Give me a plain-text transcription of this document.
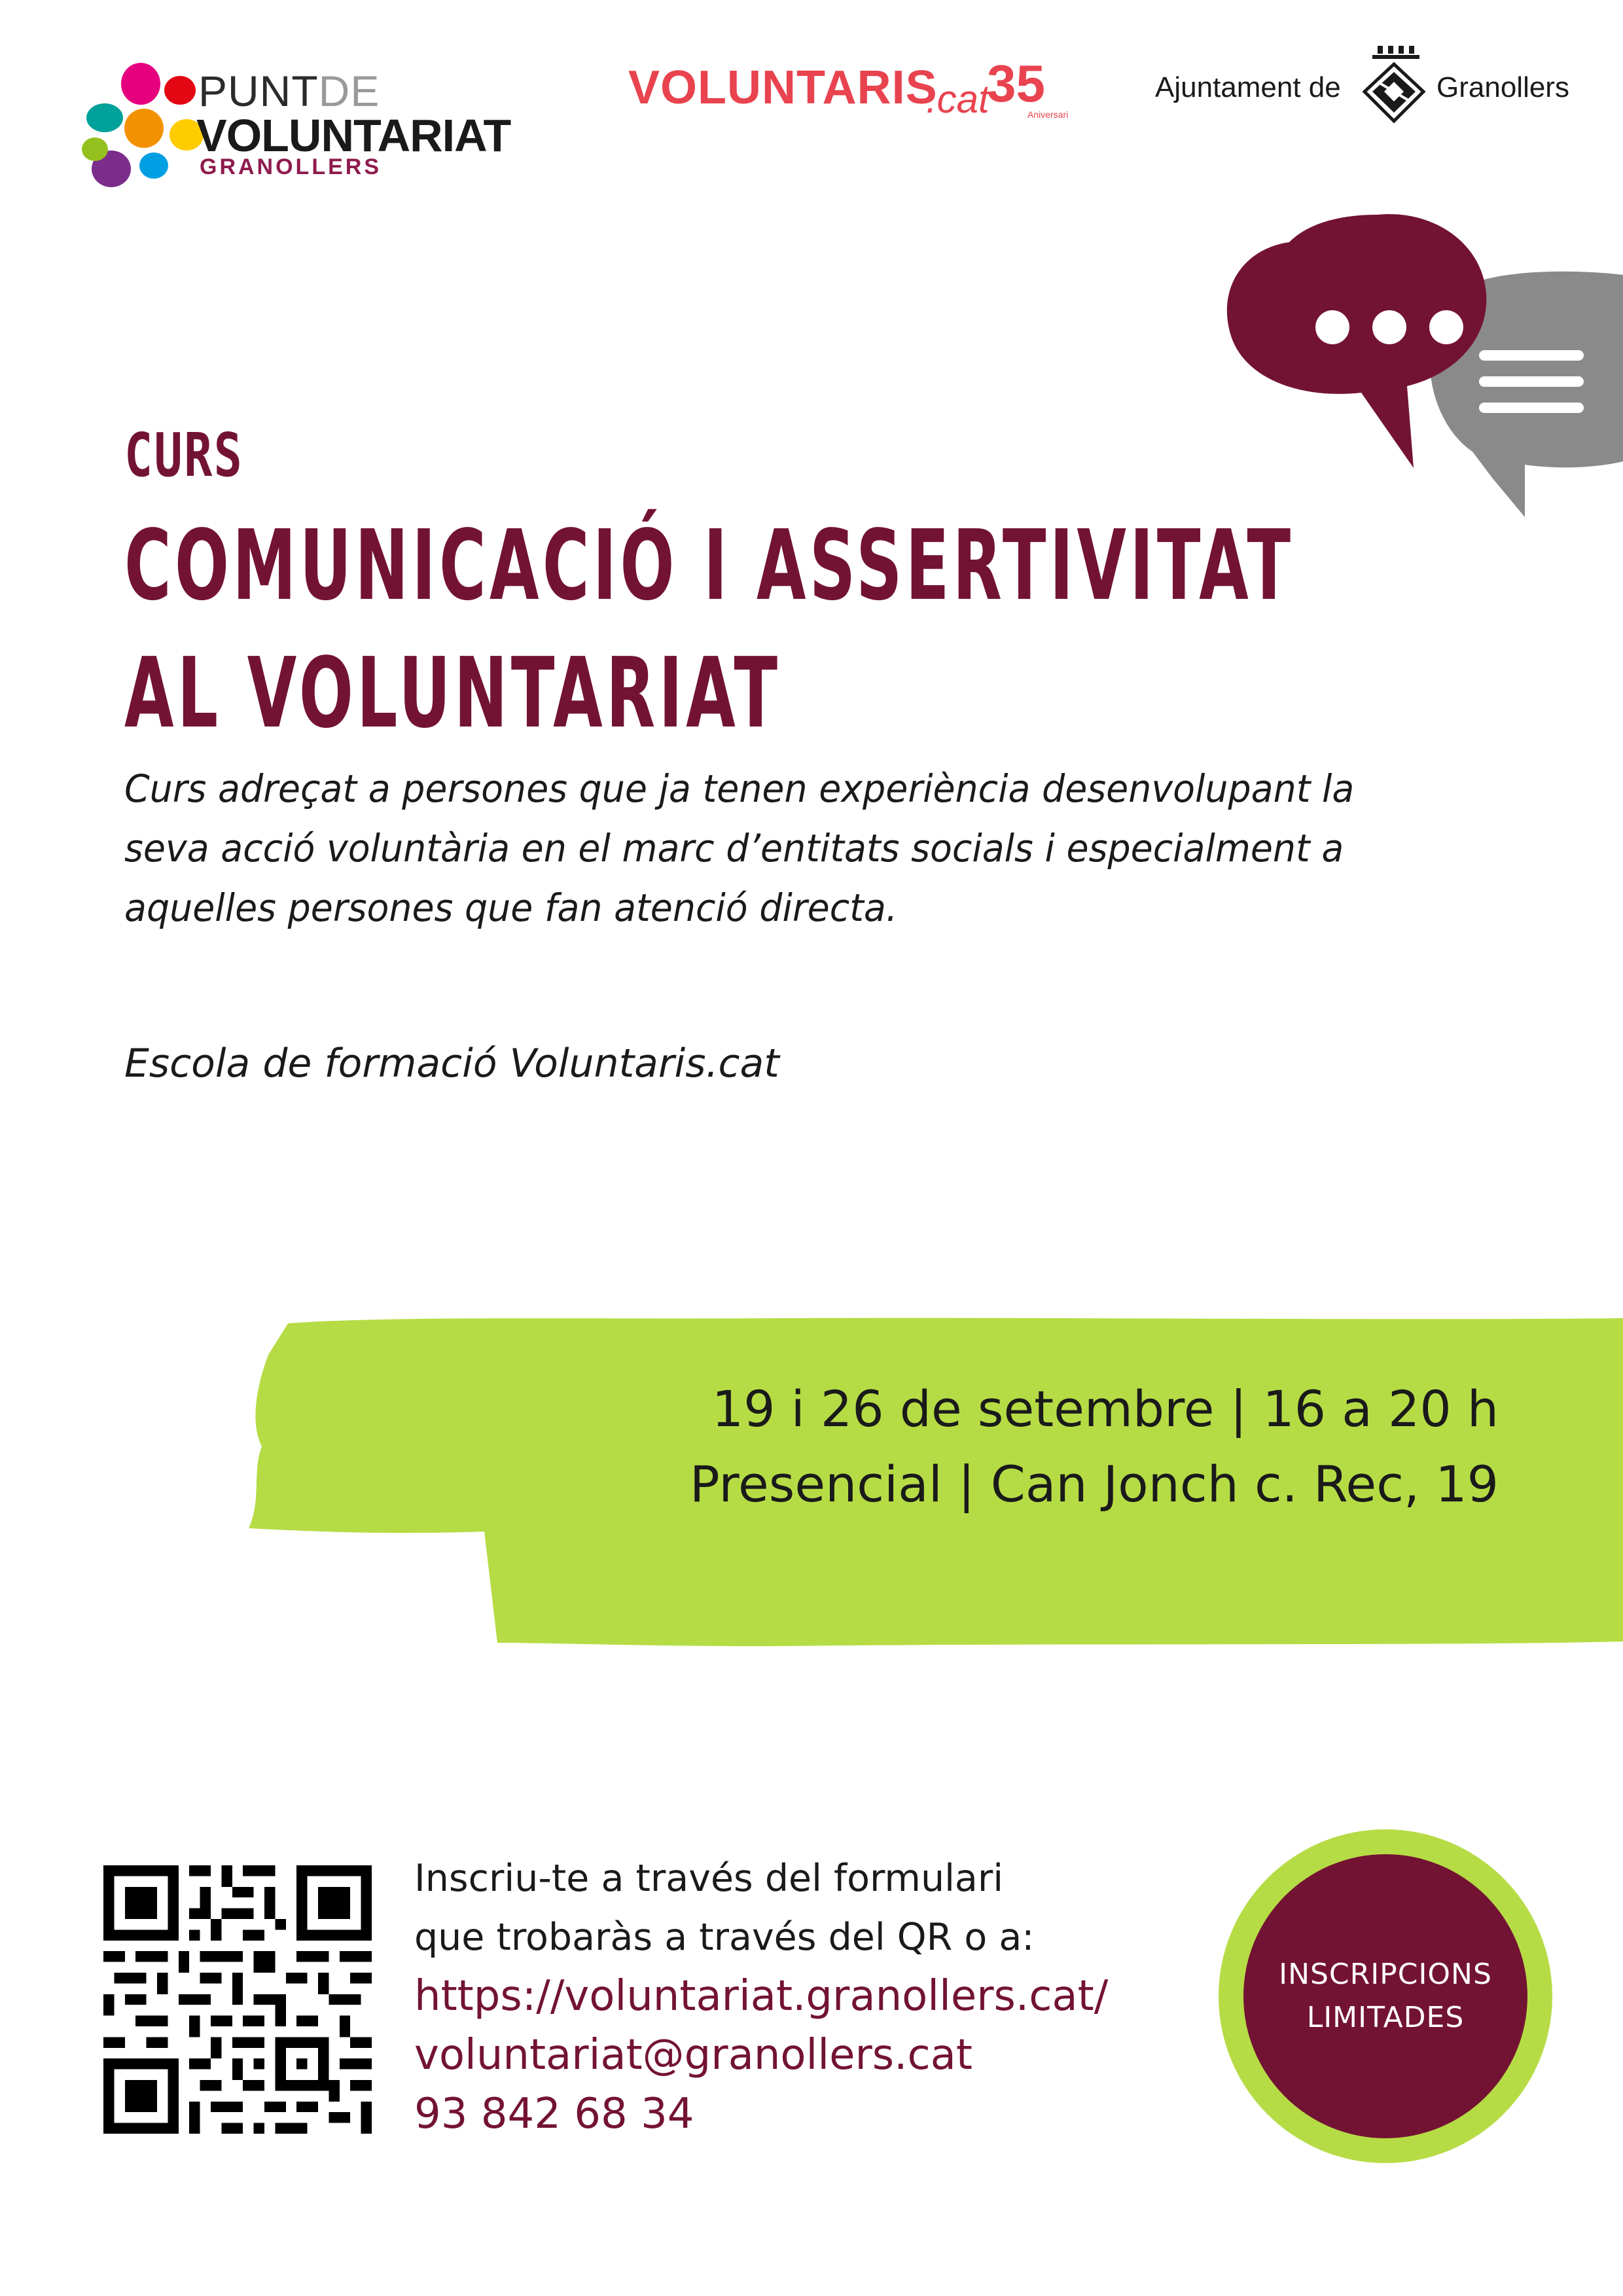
PUNTDE
VOLUNTARIAT
GRANOLLERS
VOLUNTARIS
.cat
35
Aniversari
Ajuntament de	Granollers

CURS

COMUNICACIÓ I ASSERTIVITAT

AL VOLUNTARIAT

Curs adreçat a persones que ja tenen experiència desenvolupant la seva acció voluntària en el marc d’entitats socials i especialment a aquelles persones que fan atenció directa.
Escola de formació Voluntaris.cat
19 i 26 de setembre | 16 a 20 h
Presencial | Can Jonch c. Rec, 19
Inscriu-te a través del formulari
que trobaràs a través del QR o a:
https://voluntariat.granollers.cat/
voluntariat@granollers.cat
93 842 68 34
INSCRIPCIONS
LIMITADES
